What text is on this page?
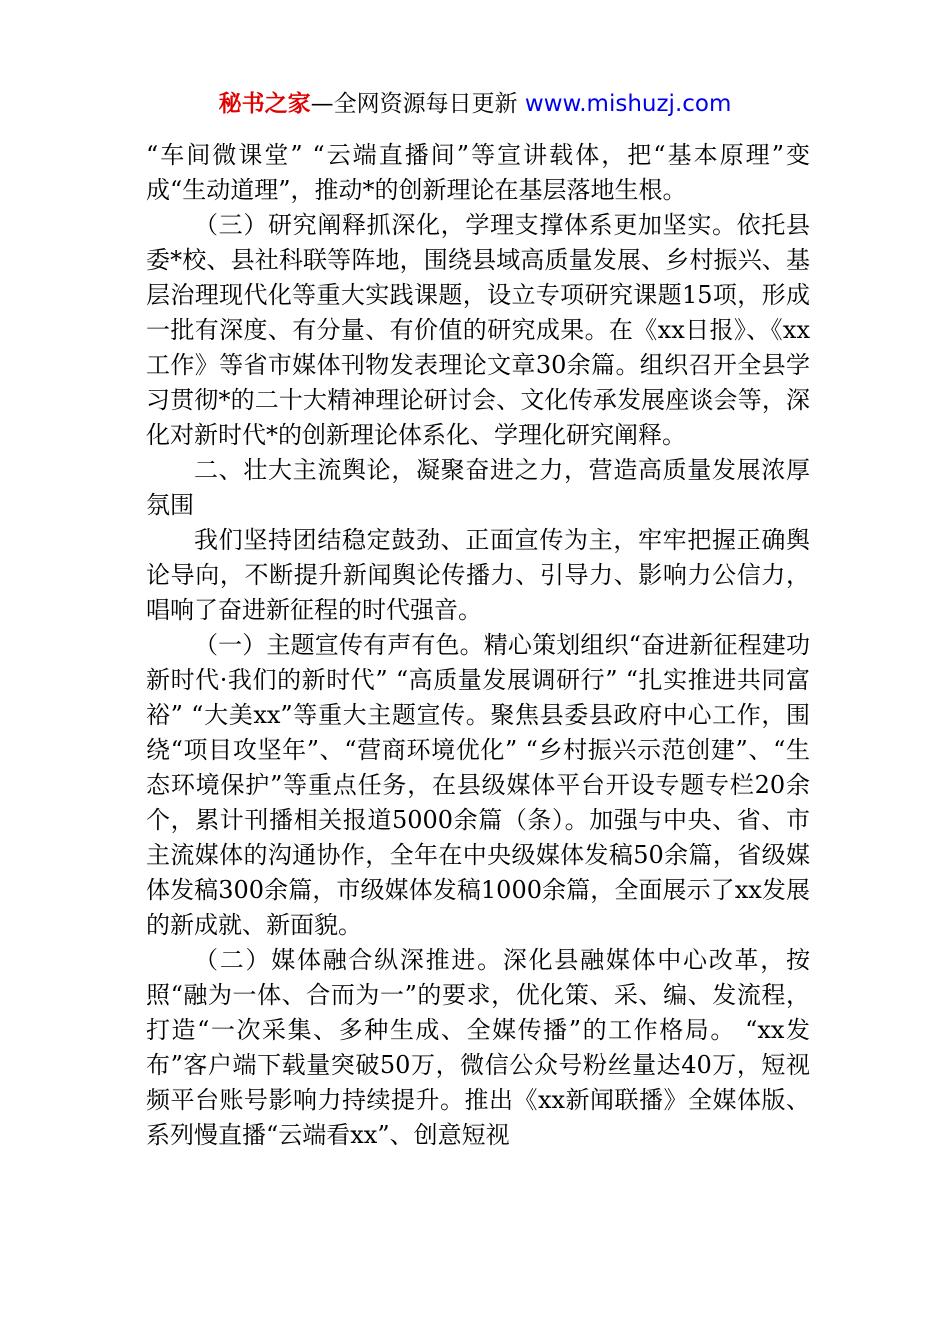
秘书之家—全网资源每日更新 www.mishuzj.com

“车间微课堂” “云端直播间”等宣讲载体，把“基本原理”变成“生动道理”，推动*的创新理论在基层落地生根。

（三）研究阐释抓深化，学理支撑体系更加坚实。依托县委*校、县社科联等阵地，围绕县域高质量发展、乡村振兴、基层治理现代化等重大实践课题，设立专项研究课题15项，形成一批有深度、有分量、有价值的研究成果。在《xx日报》、《xx工作》等省市媒体刊物发表理论文章30余篇。组织召开全县学习贯彻*的二十大精神理论研讨会、文化传承发展座谈会等，深化对新时代*的创新理论体系化、学理化研究阐释。

二、壮大主流舆论，凝聚奋进之力，营造高质量发展浓厚氛围

我们坚持团结稳定鼓劲、正面宣传为主，牢牢把握正确舆论导向，不断提升新闻舆论传播力、引导力、影响力公信力，唱响了奋进新征程的时代强音。

（一）主题宣传有声有色。精心策划组织“奋进新征程建功新时代·我们的新时代” “高质量发展调研行” “扎实推进共同富裕” “大美xx”等重大主题宣传。聚焦县委县政府中心工作，围绕“项目攻坚年”、“营商环境优化” “乡村振兴示范创建”、“生态环境保护”等重点任务，在县级媒体平台开设专题专栏20余个，累计刊播相关报道5000余篇（条）。加强与中央、省、市主流媒体的沟通协作，全年在中央级媒体发稿50余篇，省级媒体发稿300余篇，市级媒体发稿1000余篇，全面展示了xx发展的新成就、新面貌。

（二）媒体融合纵深推进。深化县融媒体中心改革，按照“融为一体、合而为一”的要求，优化策、采、编、发流程，打造“一次采集、多种生成、全媒传播”的工作格局。 “xx发布”客户端下载量突破50万，微信公众号粉丝量达40万，短视频平台账号影响力持续提升。推出《xx新闻联播》全媒体版、系列慢直播“云端看xx”、创意短视
